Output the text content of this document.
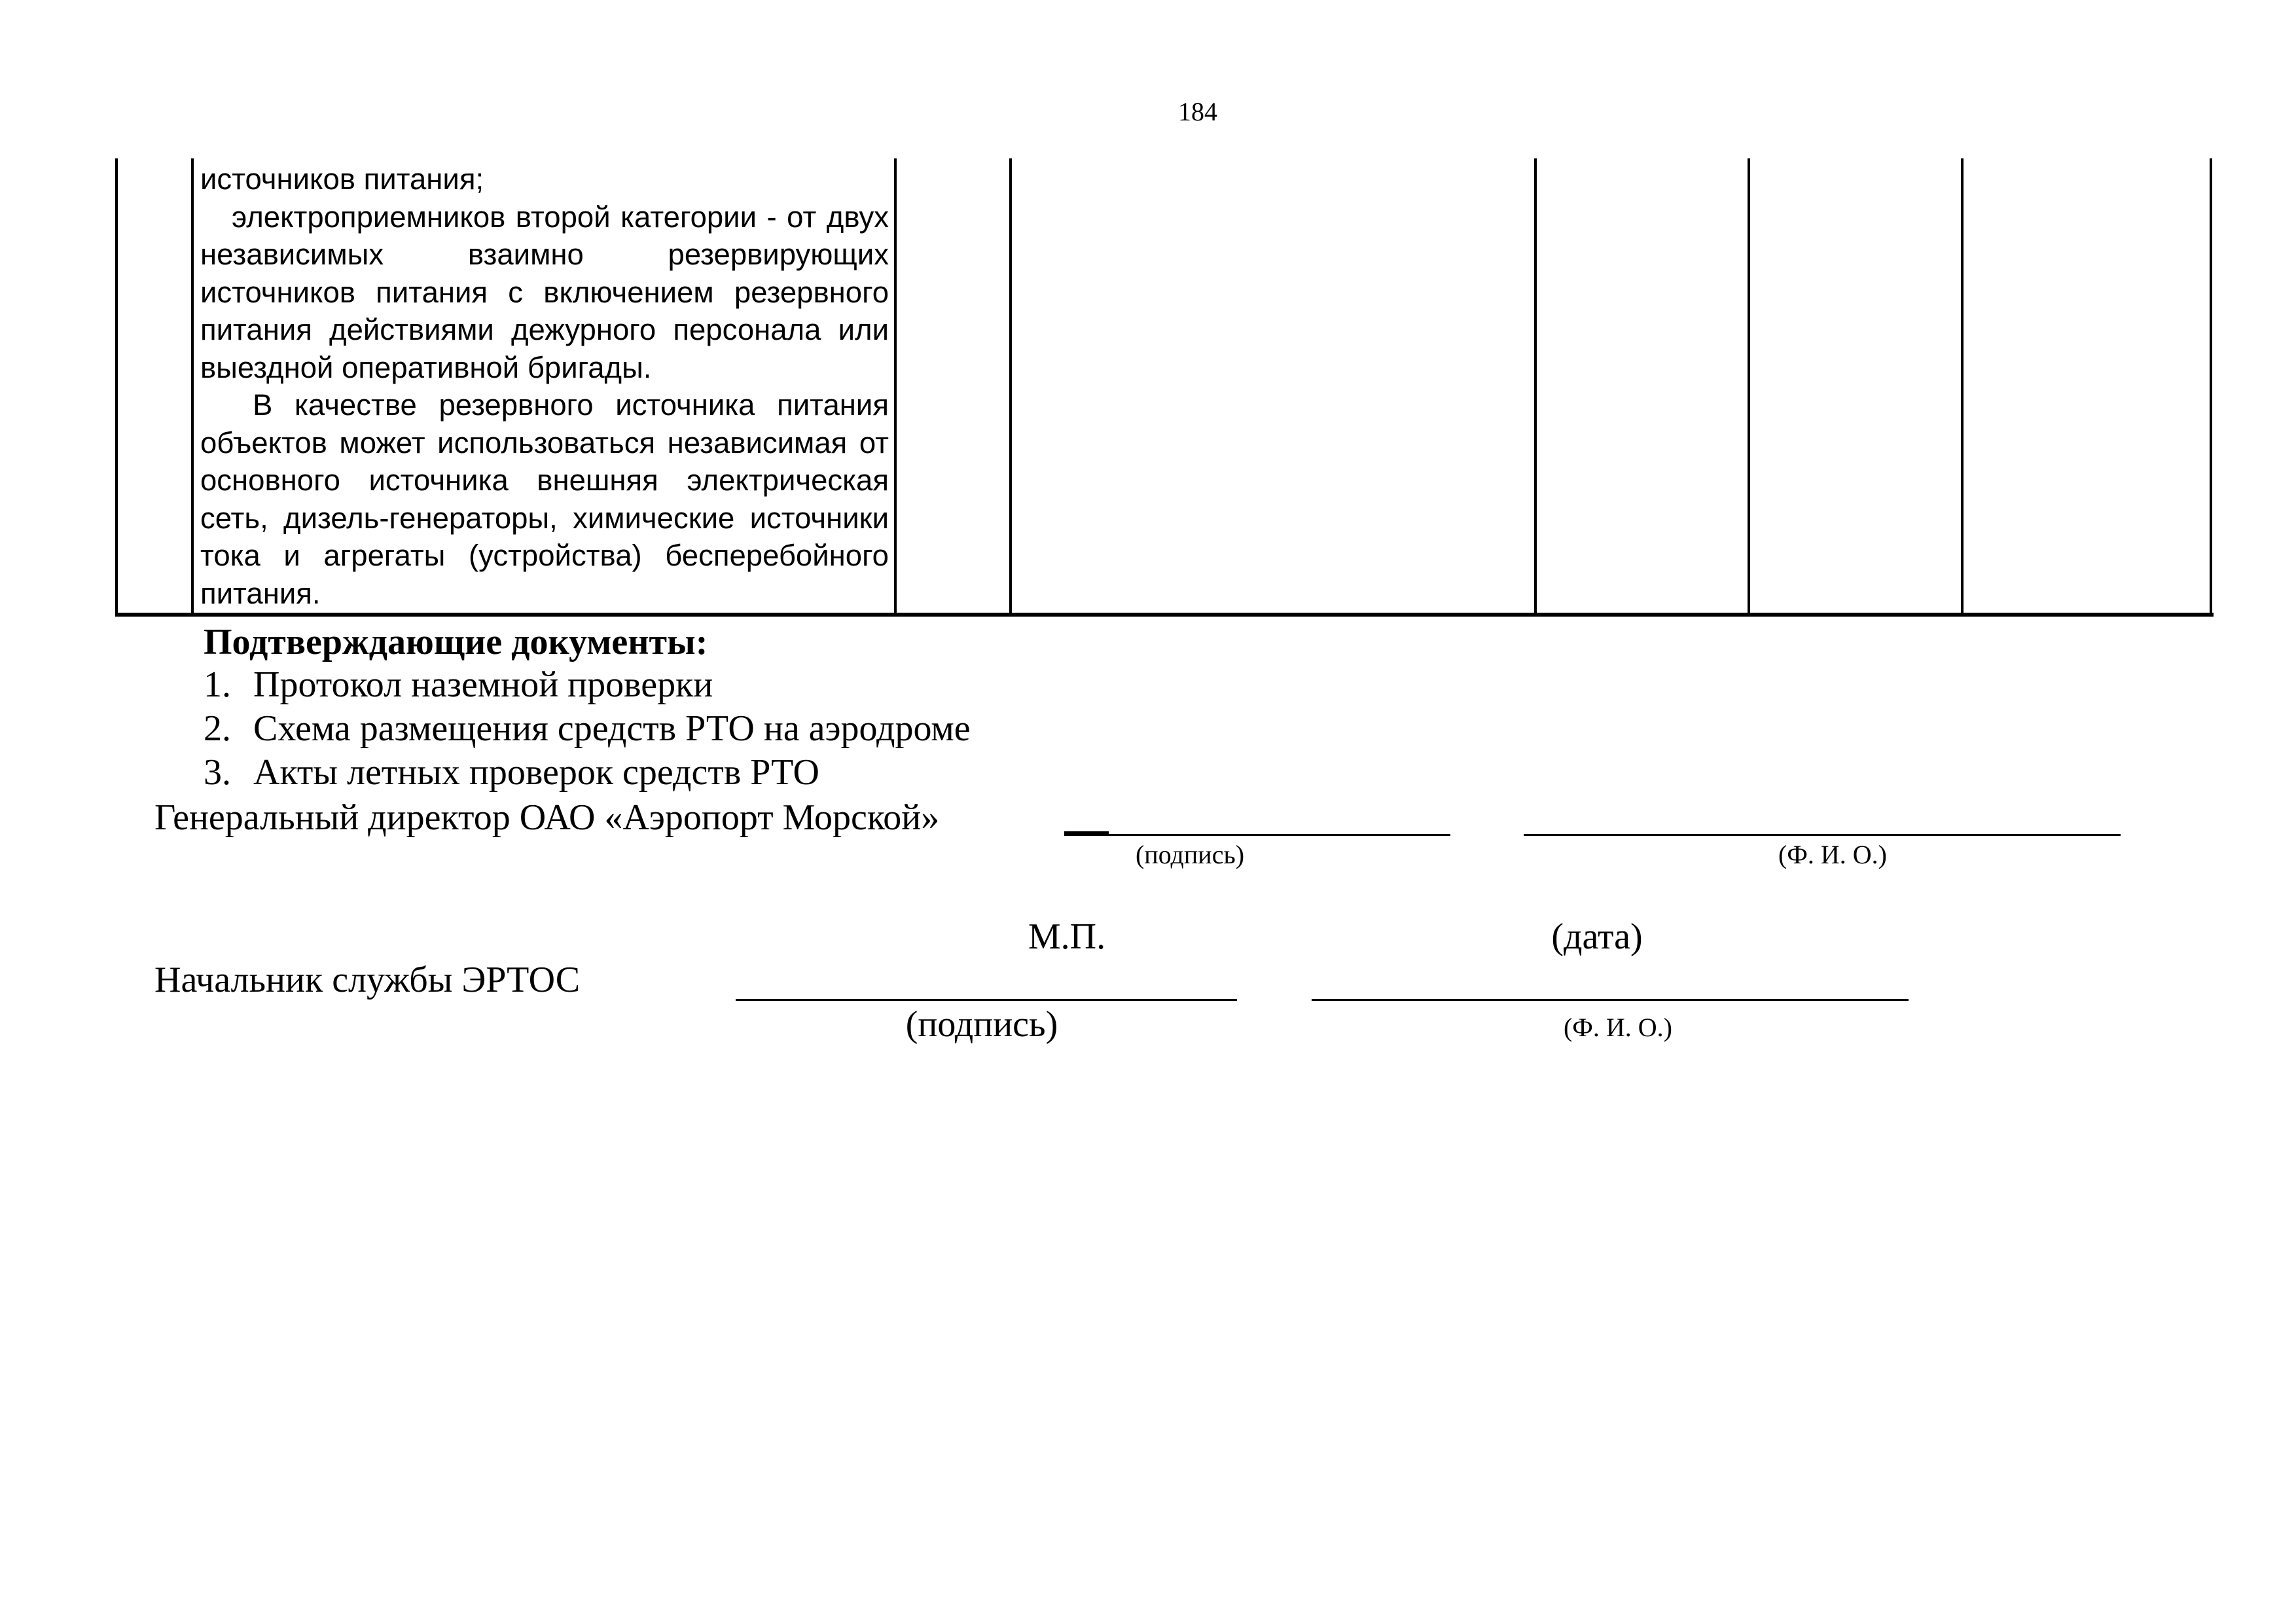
184

источников питания;

электроприемников второй категории - от двух независимых взаимно резервирующих источников питания с включением резервного питания действиями дежурного персонала или выездной оперативной бригады.

В качестве резервного источника питания объектов может использоваться независимая от основного источника внешняя электрическая сеть, дизель-генераторы, химические источники тока и агрегаты (устройства) бесперебойного питания.

Подтверждающие документы:
1. Протокол наземной проверки
2. Схема размещения средств РТО на аэродроме
3. Акты летных проверок средств РТО
Генеральный директор ОАО «Аэропорт Морской»
(подпись)	(Ф. И. О.)
М.П.	(дата)
Начальник службы ЭРТОС
(подпись)	(Ф. И. О.)
